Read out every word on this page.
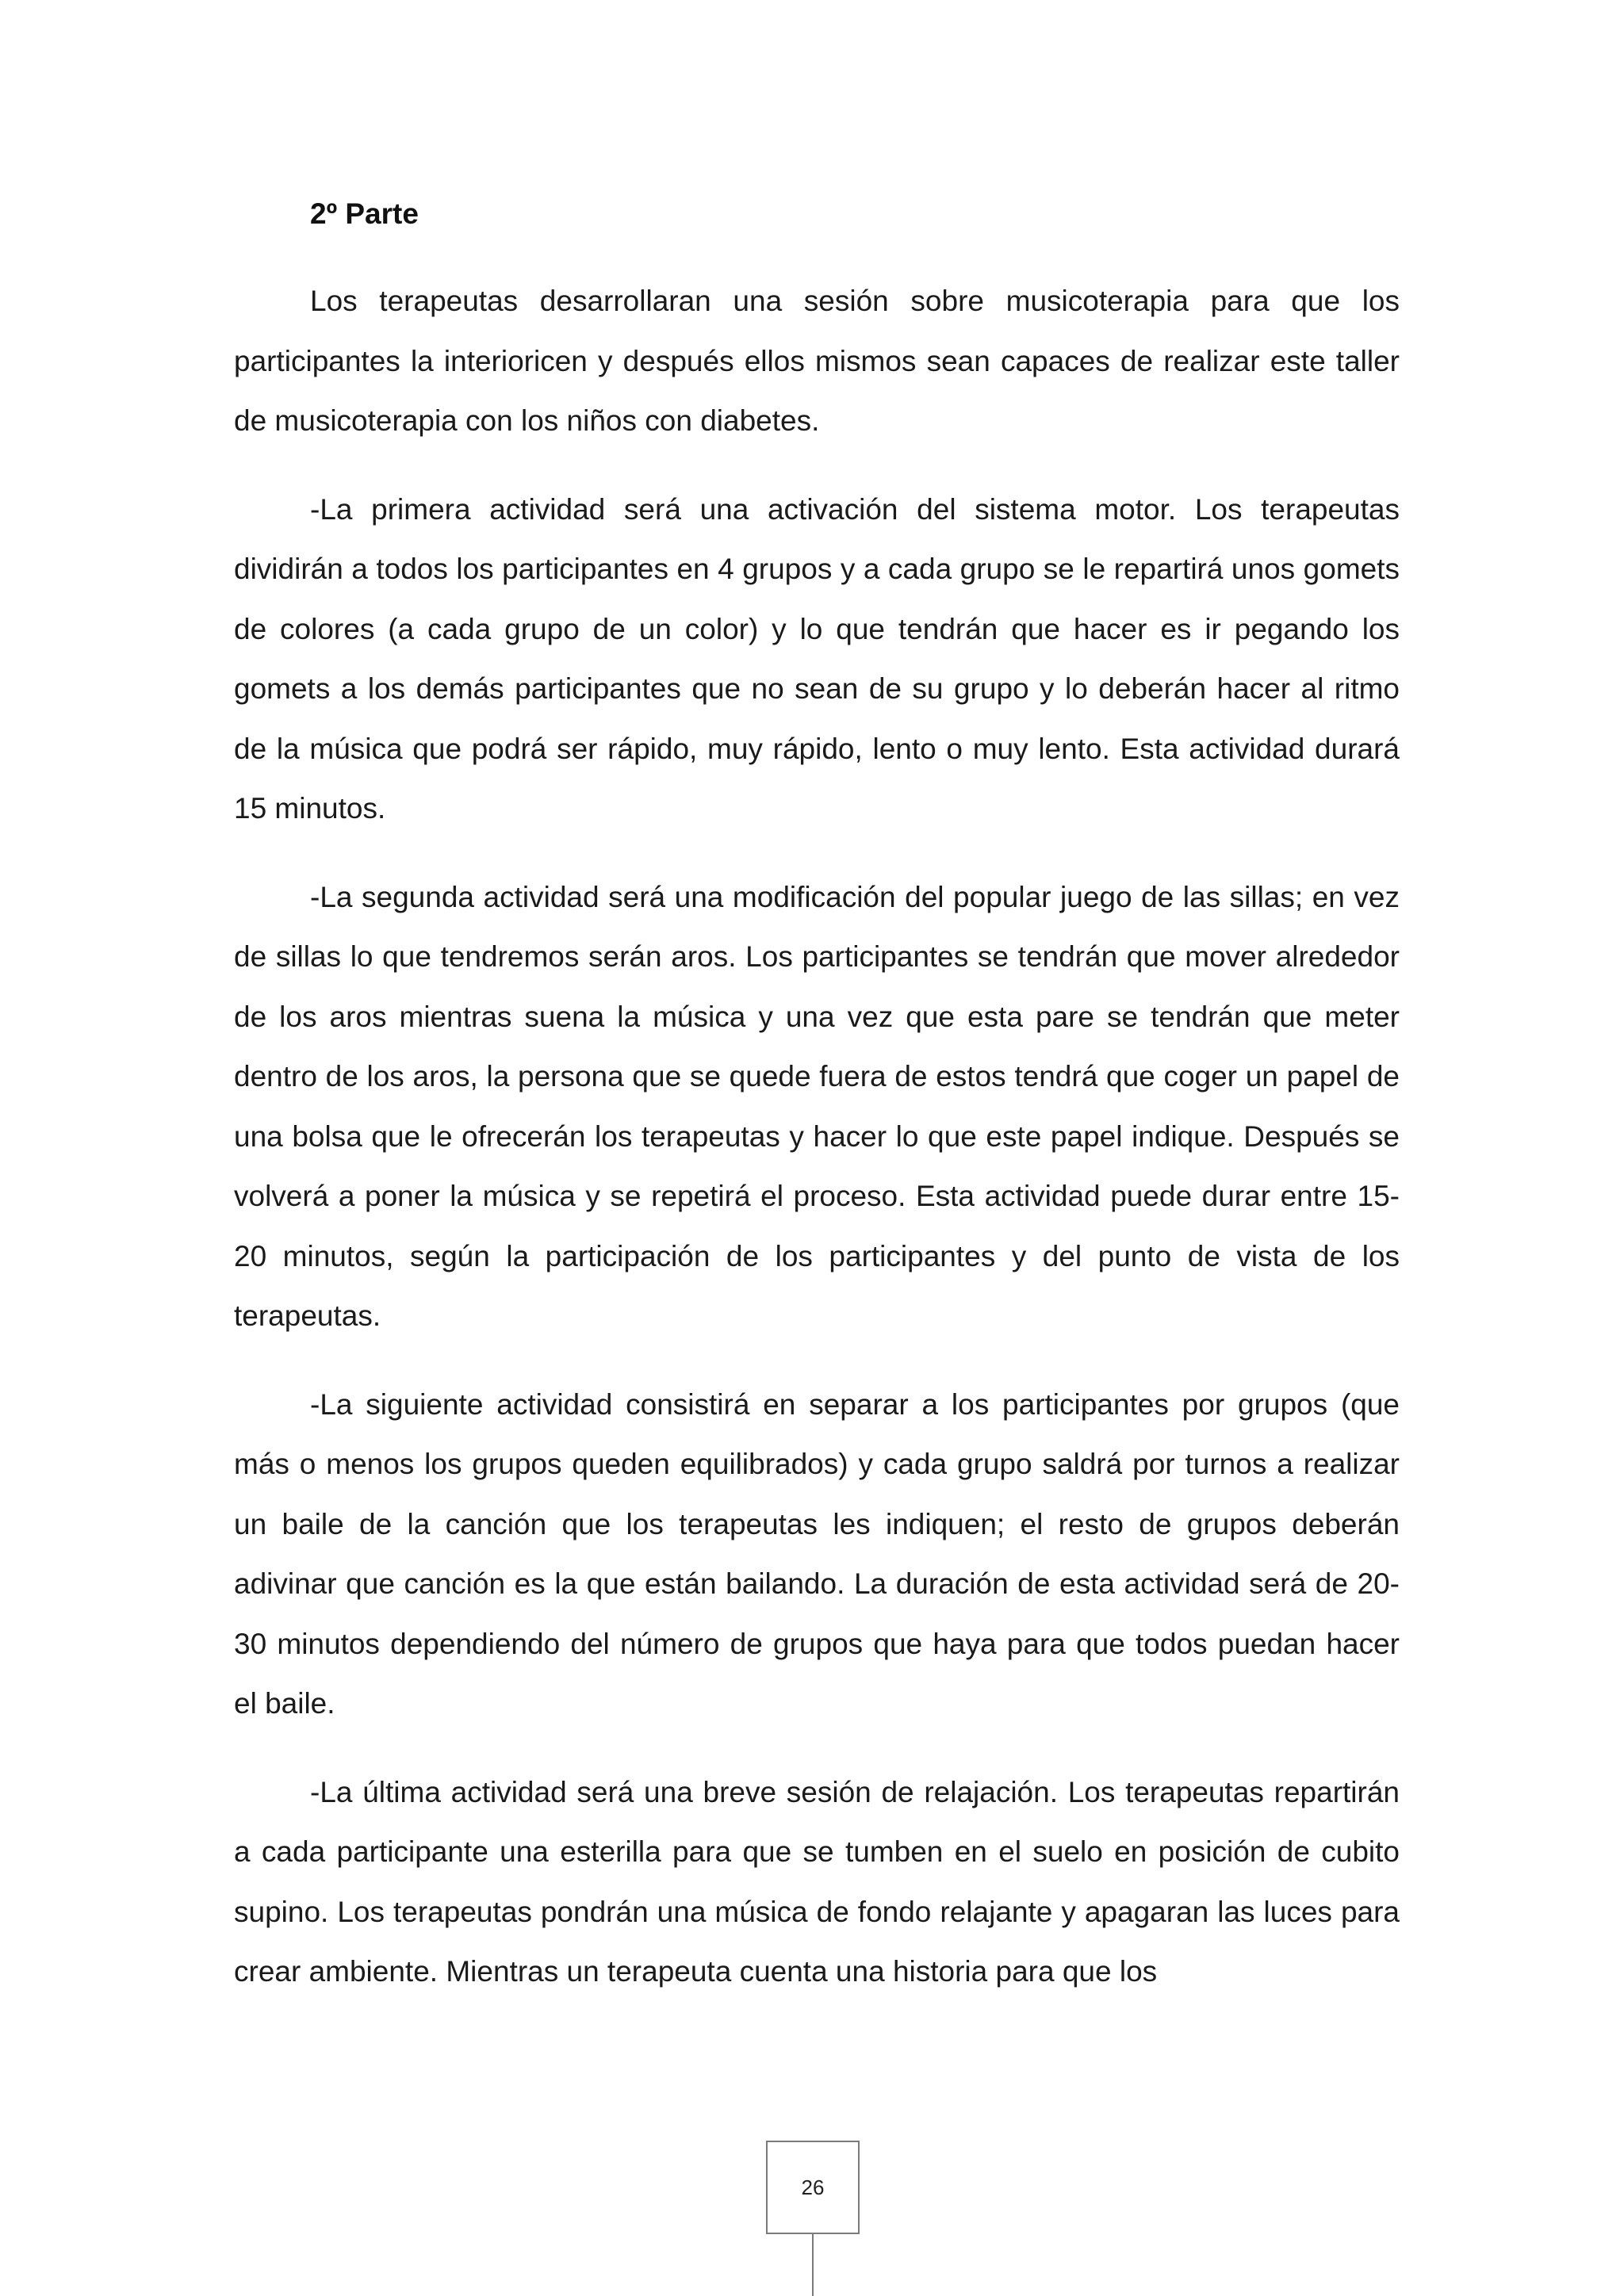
2º Parte

Los terapeutas desarrollaran una sesión sobre musicoterapia para que los participantes la interioricen y después ellos mismos sean capaces de realizar este taller de musicoterapia con los niños con diabetes.

-La primera actividad será una activación del sistema motor. Los terapeutas dividirán a todos los participantes en 4 grupos y a cada grupo se le repartirá unos gomets de colores (a cada grupo de un color) y lo que tendrán que hacer es ir pegando los gomets a los demás participantes que no sean de su grupo y lo deberán hacer al ritmo de la música que podrá ser rápido, muy rápido, lento o muy lento. Esta actividad durará 15 minutos.

-La segunda actividad será una modificación del popular juego de las sillas; en vez de sillas lo que tendremos serán aros. Los participantes se tendrán que mover alrededor de los aros mientras suena la música y una vez que esta pare se tendrán que meter dentro de los aros, la persona que se quede fuera de estos tendrá que coger un papel de una bolsa que le ofrecerán los terapeutas y hacer lo que este papel indique. Después se volverá a poner la música y se repetirá el proceso. Esta actividad puede durar entre 15-20 minutos, según la participación de los participantes y del punto de vista de los terapeutas.

-La siguiente actividad consistirá en separar a los participantes por grupos (que más o menos los grupos queden equilibrados) y cada grupo saldrá por turnos a realizar un baile de la canción que los terapeutas les indiquen; el resto de grupos deberán adivinar que canción es la que están bailando. La duración de esta actividad será de 20-30 minutos dependiendo del número de grupos que haya para que todos puedan hacer el baile.

-La última actividad será una breve sesión de relajación. Los terapeutas repartirán a cada participante una esterilla para que se tumben en el suelo en posición de cubito supino. Los terapeutas pondrán una música de fondo relajante y apagaran las luces para crear ambiente. Mientras un terapeuta cuenta una historia para que los

26
